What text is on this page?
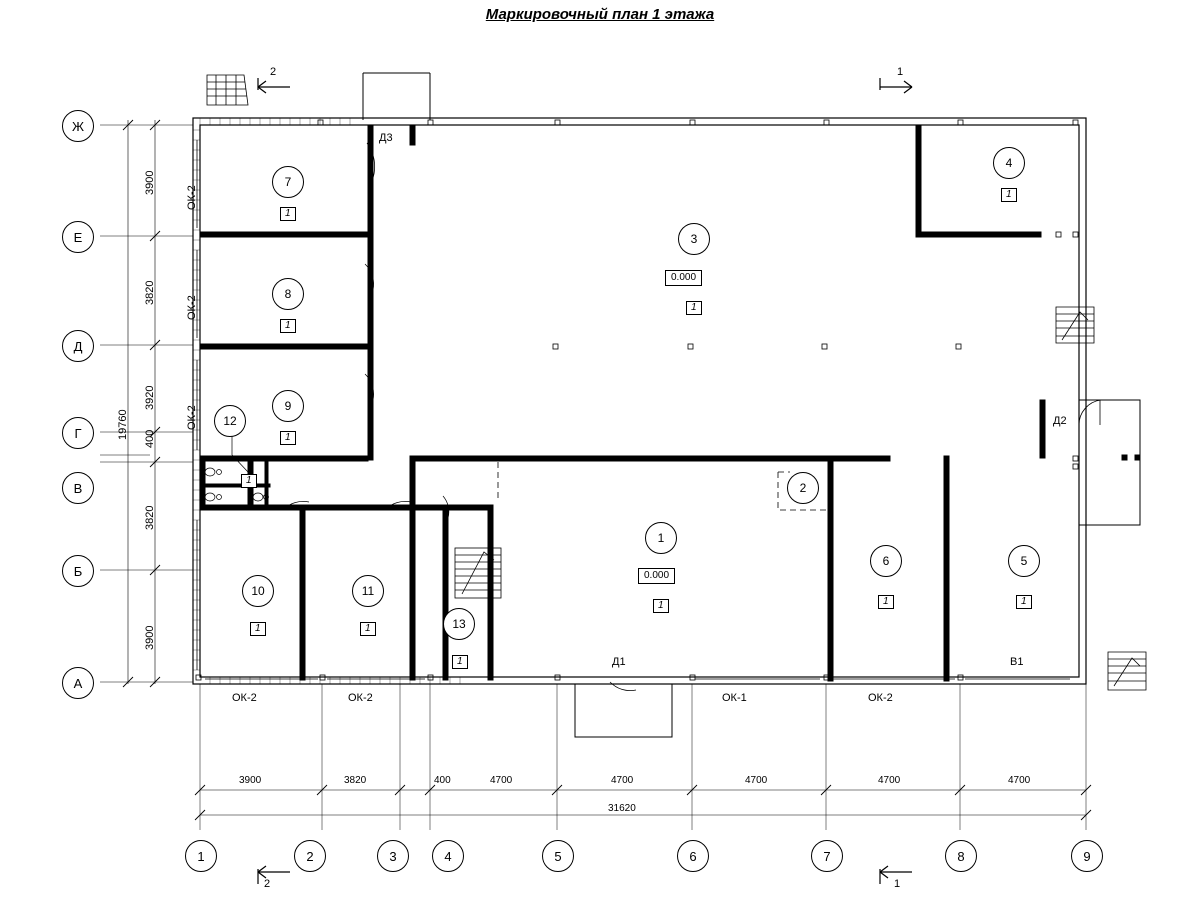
Маркировочный план 1 этажа
Ж
Е
Д
Г
В
Б
А
1	2	3	4	5	6	7	8	9
7
8
9
12
10	11
13
1
2
3
4
5
6
1
1
1
1
1	1
1
1
1
1
1
1
0.000
0.000
Д3
Д2
Д1	В1
ОК-2
ОК-2
ОК-2
ОК-2	ОК-2	ОК-1	ОК-2
3900	3820	400	4700	4700	4700	4700	4700
31620
3900
3820
3920
400
3820
3900
19760
2	1
2	1
